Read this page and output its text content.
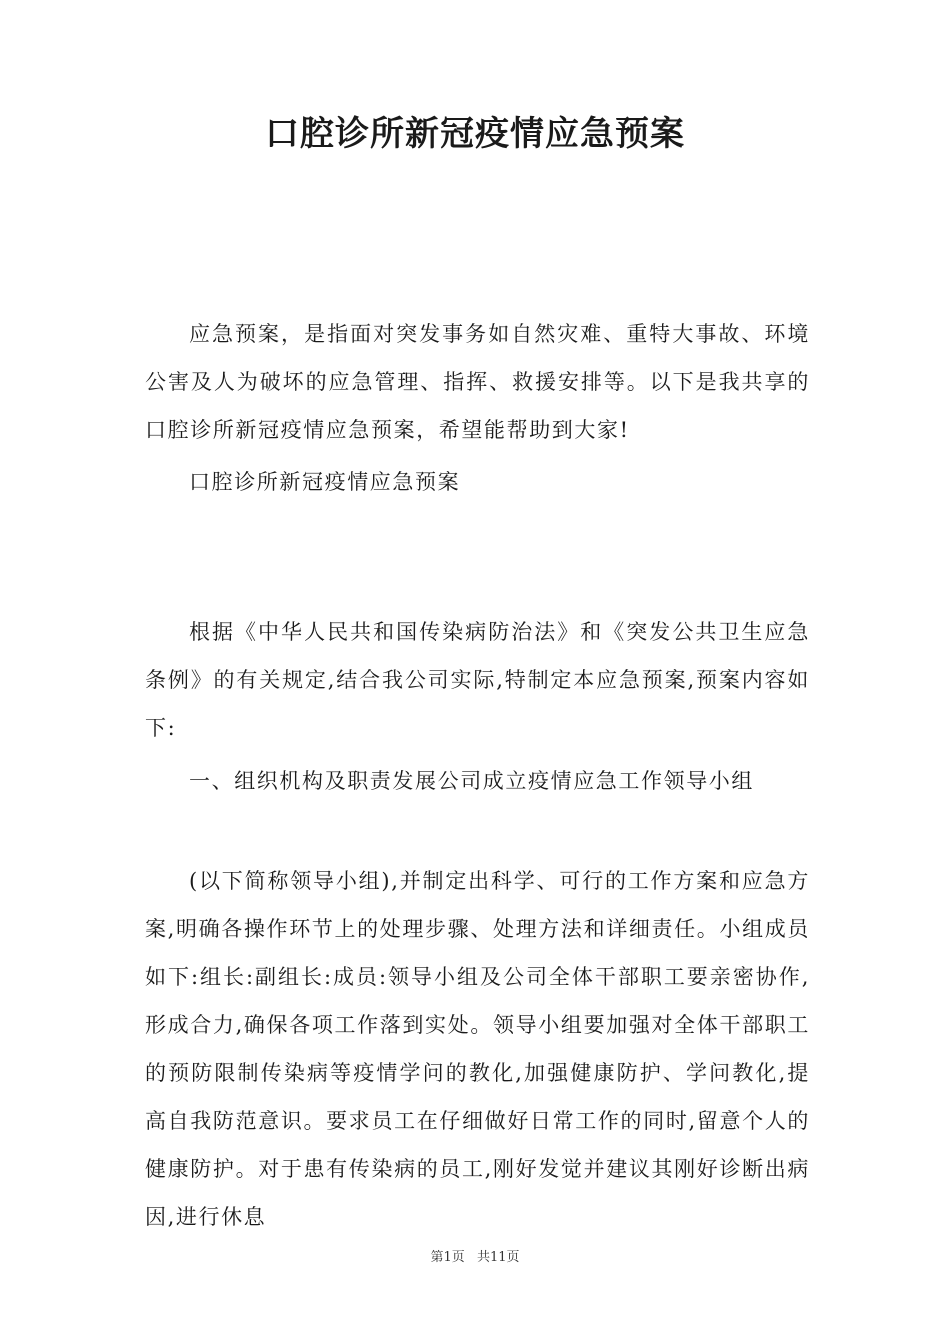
口腔诊所新冠疫情应急预案

应急预案，是指面对突发事务如自然灾难、重特大事故、环境公害及人为破坏的应急管理、指挥、救援安排等。以下是我共享的口腔诊所新冠疫情应急预案，希望能帮助到大家!

口腔诊所新冠疫情应急预案

根据《中华人民共和国传染病防治法》和《突发公共卫生应急条例》的有关规定,结合我公司实际,特制定本应急预案,预案内容如下:

一、组织机构及职责发展公司成立疫情应急工作领导小组

(以下简称领导小组),并制定出科学、可行的工作方案和应急方案,明确各操作环节上的处理步骤、处理方法和详细责任。小组成员如下:组长:副组长:成员:领导小组及公司全体干部职工要亲密协作,形成合力,确保各项工作落到实处。领导小组要加强对全体干部职工的预防限制传染病等疫情学问的教化,加强健康防护、学问教化,提高自我防范意识。要求员工在仔细做好日常工作的同时,留意个人的健康防护。对于患有传染病的员工,刚好发觉并建议其刚好诊断出病因,进行休息

第1页 共11页
